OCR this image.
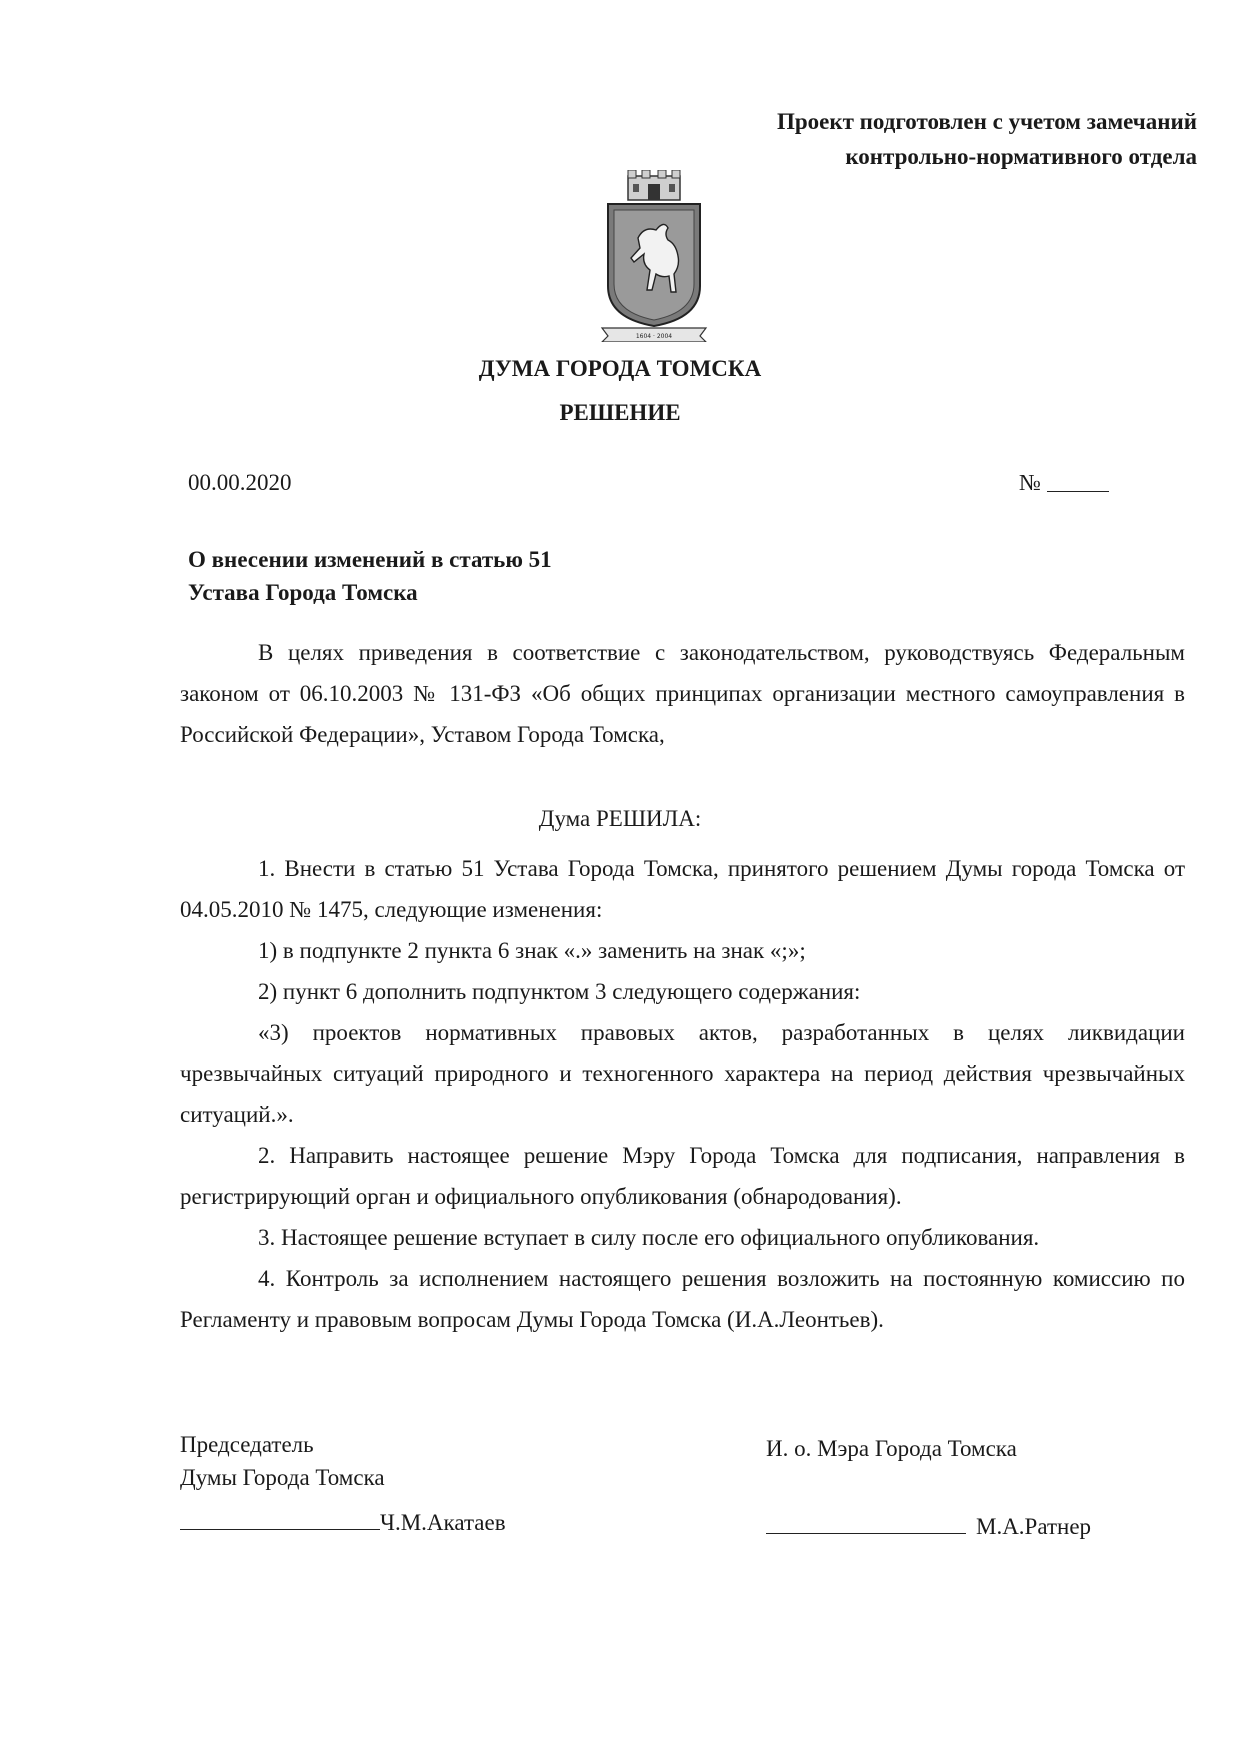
Проект подготовлен с учетом замечаний
контрольно-нормативного отдела
1604 · 2004
ДУМА ГОРОДА ТОМСКА
РЕШЕНИЕ
00.00.2020	№
О внесении изменений в статью 51
Устава Города Томска

В целях приведения в соответствие с законодательством, руководствуясь Федеральным законом от 06.10.2003 № 131-ФЗ «Об общих принципах организации местного самоуправления в Российской Федерации», Уставом Города Томска,

Дума РЕШИЛА:

1. Внести в статью 51 Устава Города Томска, принятого решением Думы города Томска от 04.05.2010 № 1475, следующие изменения:

1) в подпункте 2 пункта 6 знак «.» заменить на знак «;»;

2) пункт 6 дополнить подпунктом 3 следующего содержания:

«3) проектов нормативных правовых актов, разработанных в целях ликвидации чрезвычайных ситуаций природного и техногенного характера на период действия чрезвычайных ситуаций.».

2. Направить настоящее решение Мэру Города Томска для подписания, направления в регистрирующий орган и официального опубликования (обнародования).

3. Настоящее решение вступает в силу после его официального опубликования.

4. Контроль за исполнением настоящего решения возложить на постоянную комиссию по Регламенту и правовым вопросам Думы Города Томска (И.А.Леонтьев).

Председатель
Думы Города Томска
И. о. Мэра Города Томска
Ч.М.Акатаев	М.А.Ратнер
